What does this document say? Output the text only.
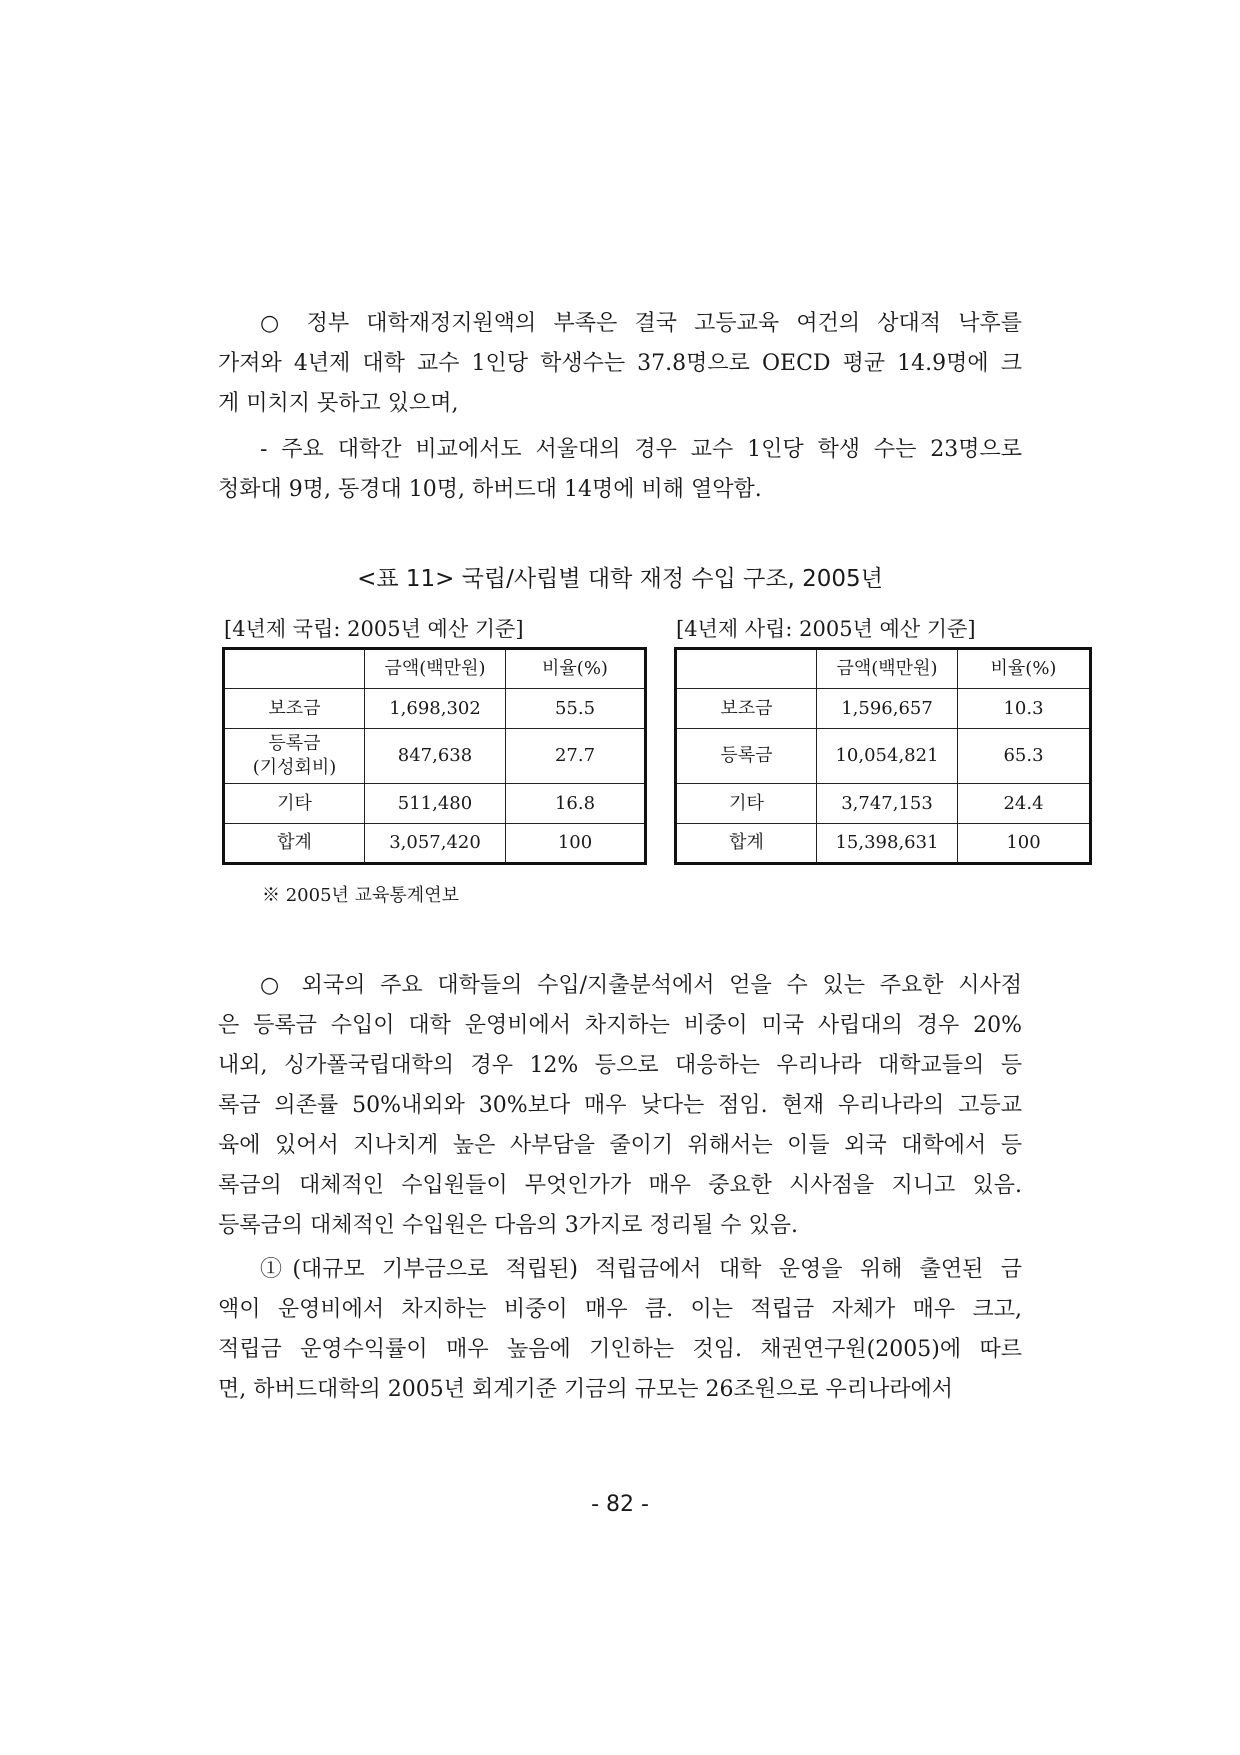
○ 정부 대학재정지원액의 부족은 결국 고등교육 여건의 상대적 낙후를
가져와 4년제 대학 교수 1인당 학생수는 37.8명으로 OECD 평균 14.9명에 크
게 미치지 못하고 있으며,
- 주요 대학간 비교에서도 서울대의 경우 교수 1인당 학생 수는 23명으로
청화대 9명, 동경대 10명, 하버드대 14명에 비해 열악함.
<표 11> 국립/사립별 대학 재정 수입 구조, 2005년
[4년제 국립: 2005년 예산 기준]	[4년제 사립: 2005년 예산 기준]
	금액(백만원)	비율(%)
보조금	1,698,302	55.5
등록금
(기성회비)	847,638	27.7
기타	511,480	16.8
합계	3,057,420	100
	금액(백만원)	비율(%)
보조금	1,596,657	10.3
등록금	10,054,821	65.3
기타	3,747,153	24.4
합계	15,398,631	100
※ 2005년 교육통계연보
○ 외국의 주요 대학들의 수입/지출분석에서 얻을 수 있는 주요한 시사점
은 등록금 수입이 대학 운영비에서 차지하는 비중이 미국 사립대의 경우 20%
내외, 싱가폴국립대학의 경우 12% 등으로 대응하는 우리나라 대학교들의 등
록금 의존률 50%내외와 30%보다 매우 낮다는 점임. 현재 우리나라의 고등교
육에 있어서 지나치게 높은 사부담을 줄이기 위해서는 이들 외국 대학에서 등
록금의 대체적인 수입원들이 무엇인가가 매우 중요한 시사점을 지니고 있음.
등록금의 대체적인 수입원은 다음의 3가지로 정리될 수 있음.
①(대규모 기부금으로 적립된) 적립금에서 대학 운영을 위해 출연된 금
액이 운영비에서 차지하는 비중이 매우 큼. 이는 적립금 자체가 매우 크고,
적립금 운영수익률이 매우 높음에 기인하는 것임. 채권연구원(2005)에 따르
면, 하버드대학의 2005년 회계기준 기금의 규모는 26조원으로 우리나라에서
- 82 -
